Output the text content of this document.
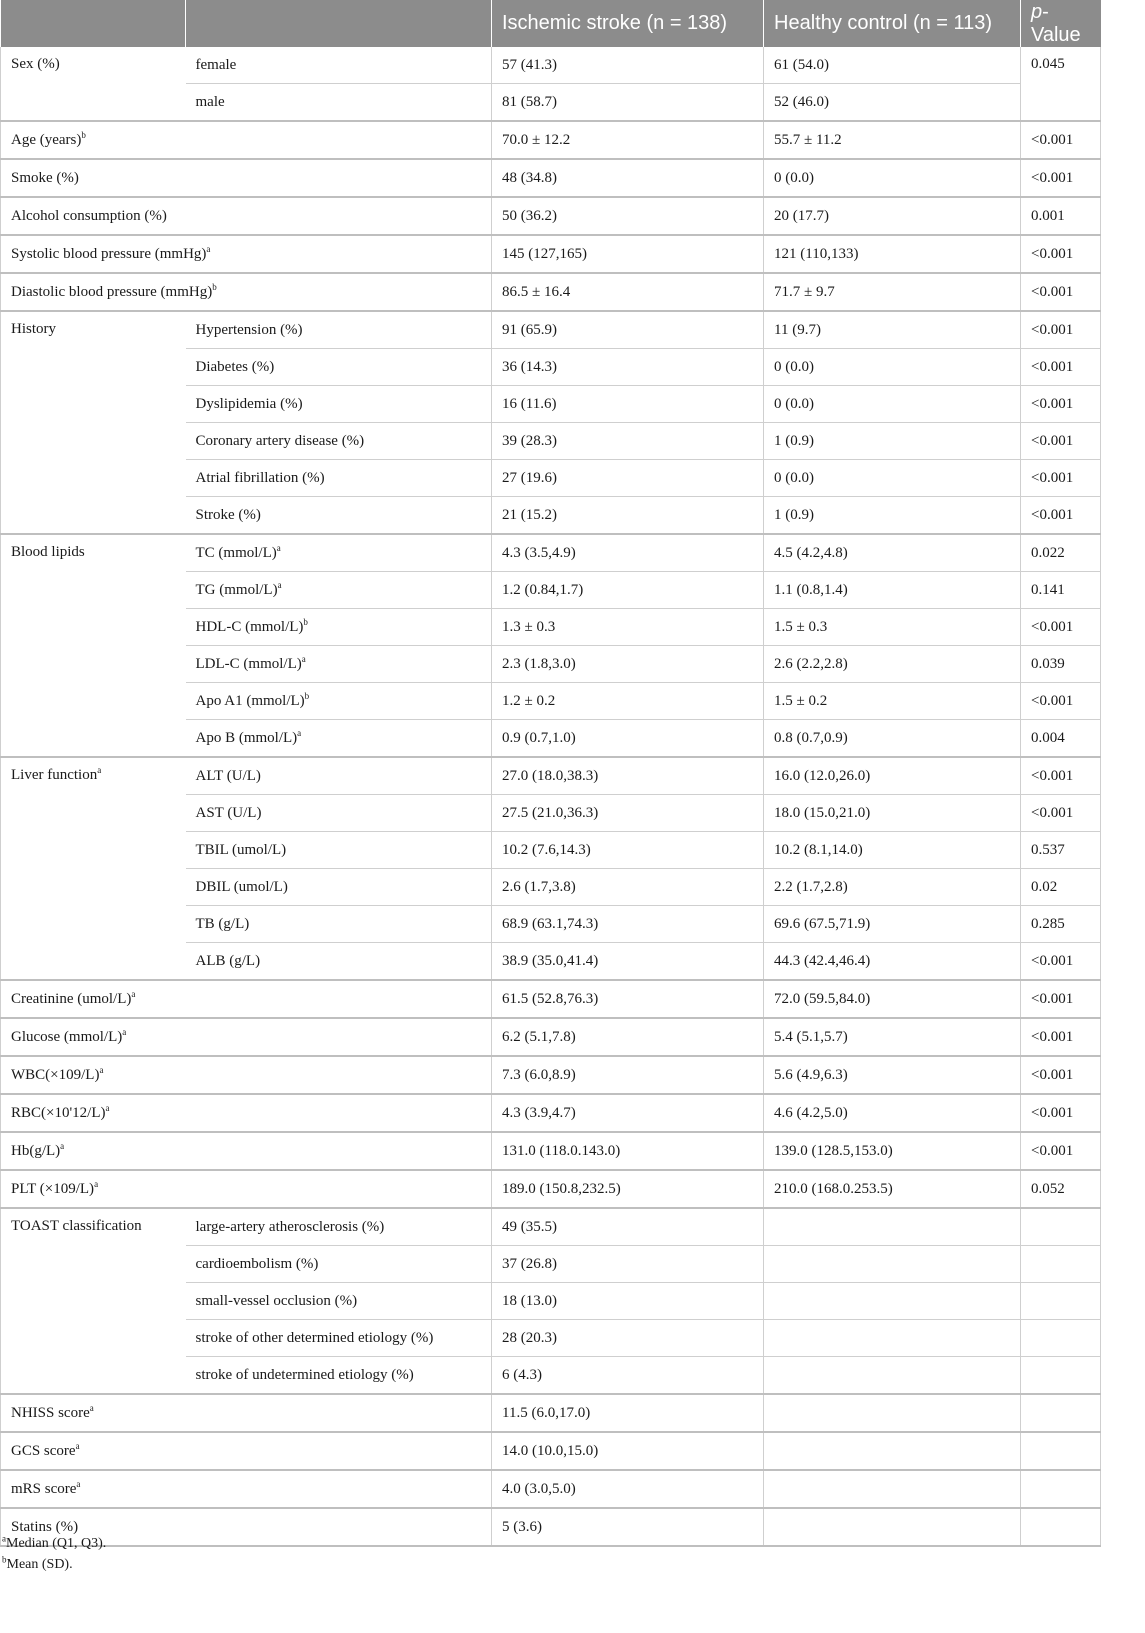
		Ischemic stroke (n = 138)	Healthy control (n = 113)	p-Value
Sex (%)	female	57 (41.3)	61 (54.0)	0.045
	male	81 (58.7)	52 (46.0)	
Age (years)$^b$		70.0 ± 12.2	55.7 ± 11.2	<0.001
Smoke (%)		48 (34.8)	0 (0.0)	<0.001
Alcohol consumption (%)		50 (36.2)	20 (17.7)	0.001
Systolic blood pressure (mmHg)$^a$		145 (127,165)	121 (110,133)	<0.001
Diastolic blood pressure (mmHg)$^b$		86.5 ± 16.4	71.7 ± 9.7	<0.001
History	Hypertension (%)	91 (65.9)	11 (9.7)	<0.001
	Diabetes (%)	36 (14.3)	0 (0.0)	<0.001
	Dyslipidemia (%)	16 (11.6)	0 (0.0)	<0.001
	Coronary artery disease (%)	39 (28.3)	1 (0.9)	<0.001
	Atrial fibrillation (%)	27 (19.6)	0 (0.0)	<0.001
	Stroke (%)	21 (15.2)	1 (0.9)	<0.001
Blood lipids	TC (mmol/L)$^a$	4.3 (3.5,4.9)	4.5 (4.2,4.8)	0.022
	TG (mmol/L)$^a$	1.2 (0.84,1.7)	1.1 (0.8,1.4)	0.141
	HDL-C (mmol/L)$^b$	1.3 ± 0.3	1.5 ± 0.3	<0.001
	LDL-C (mmol/L)$^a$	2.3 (1.8,3.0)	2.6 (2.2,2.8)	0.039
	Apo A1 (mmol/L)$^b$	1.2 ± 0.2	1.5 ± 0.2	<0.001
	Apo B (mmol/L)$^a$	0.9 (0.7,1.0)	0.8 (0.7,0.9)	0.004
Liver function$^a$	ALT (U/L)	27.0 (18.0,38.3)	16.0 (12.0,26.0)	<0.001
	AST (U/L)	27.5 (21.0,36.3)	18.0 (15.0,21.0)	<0.001
	TBIL (umol/L)	10.2 (7.6,14.3)	10.2 (8.1,14.0)	0.537
	DBIL (umol/L)	2.6 (1.7,3.8)	2.2 (1.7,2.8)	0.02
	TB (g/L)	68.9 (63.1,74.3)	69.6 (67.5,71.9)	0.285
	ALB (g/L)	38.9 (35.0,41.4)	44.3 (42.4,46.4)	<0.001
Creatinine (umol/L)$^a$		61.5 (52.8,76.3)	72.0 (59.5,84.0)	<0.001
Glucose (mmol/L)$^a$		6.2 (5.1,7.8)	5.4 (5.1,5.7)	<0.001
$WBC(\times 109/L)^a$		7.3 (6.0,8.9)	5.6 (4.9,6.3)	<0.001
$RBC(\times 10'12/L)^a$		4.3 (3.9,4.7)	4.6 (4.2,5.0)	<0.001
$Hb(g/L)^a$		131.0 (118.0.143.0)	139.0 (128.5,153.0)	<0.001
PLT $(\times 109/L)^a$		189.0 (150.8,232.5)	210.0 (168.0.253.5)	0.052
TOAST classification	large-artery atherosclerosis (%)	49 (35.5)		
	cardioembolism (%)	37 (26.8)		
	small-vessel occlusion (%)	18 (13.0)		
	stroke of other determined etiology (%)	28 (20.3)		
	stroke of undetermined etiology (%)	6 (4.3)		
NHISS score$^a$		11.5 (6.0,17.0)		
GCS score$^a$		14.0 (10.0,15.0)		
mRS score$^a$		4.0 (3.0,5.0)		
Statins (%)		5 (3.6)		
$^a$Median (Q1, Q3).
$^b$Mean (SD).
